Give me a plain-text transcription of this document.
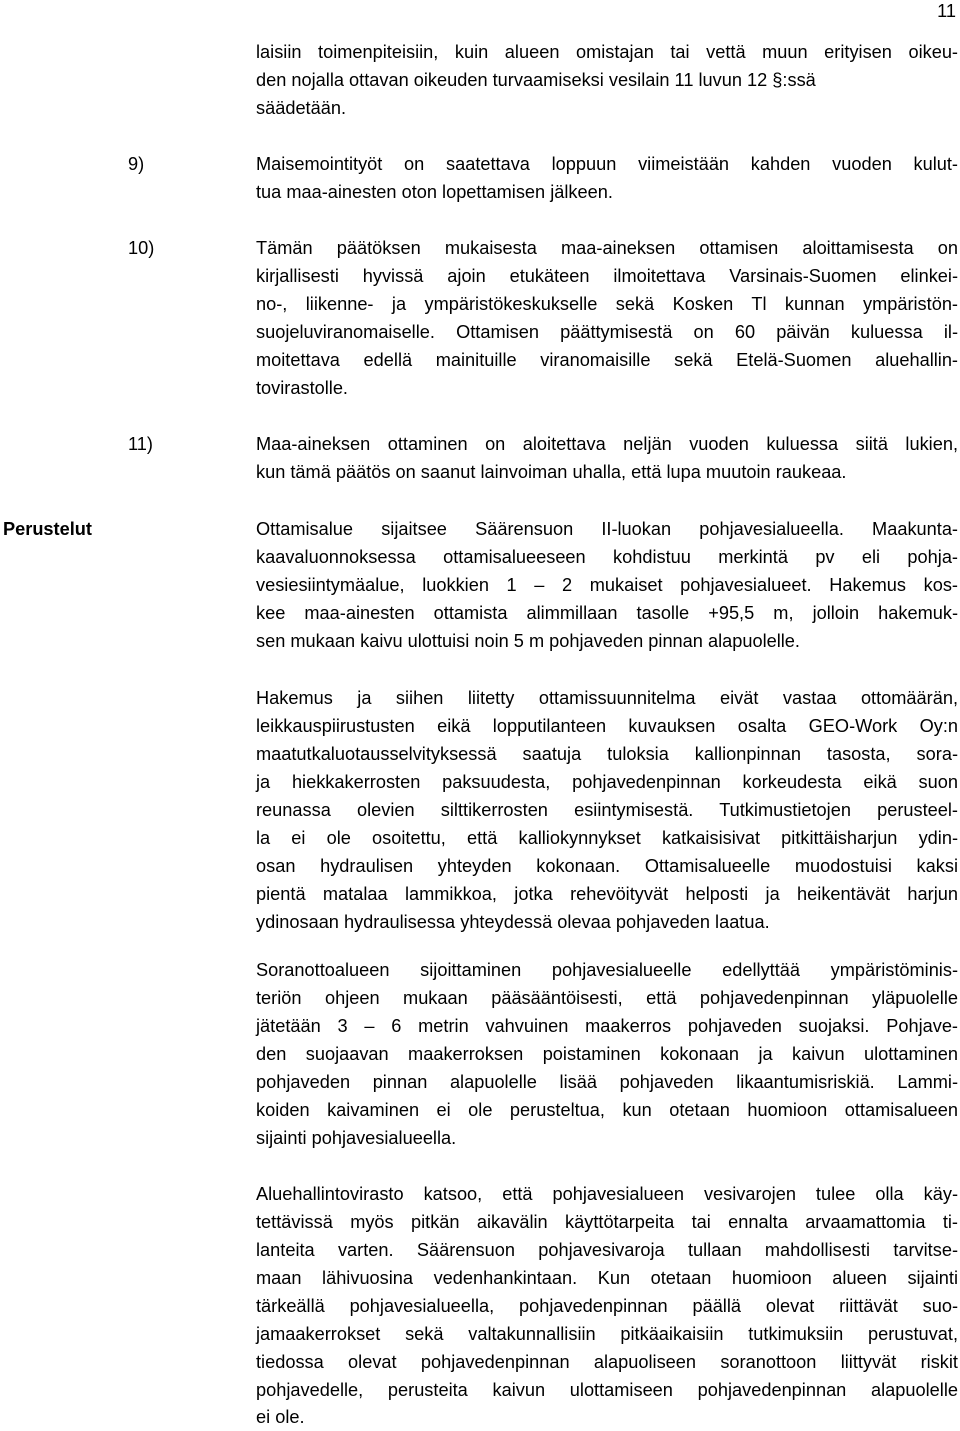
11
laisiin toimenpiteisiin, kuin alueen omistajan tai vettä muun erityisen oikeu-
den nojalla ottavan oikeuden turvaamiseksi vesilain 11 luvun 12 §:ssä
säädetään.
9)	Maisemointityöt on saatettava loppuun viimeistään kahden vuoden kulut-
tua maa-ainesten oton lopettamisen jälkeen.
10)	Tämän päätöksen mukaisesta maa-aineksen ottamisen aloittamisesta on
kirjallisesti hyvissä ajoin etukäteen ilmoitettava Varsinais-Suomen elinkei-
no-, liikenne- ja ympäristökeskukselle sekä Kosken Tl kunnan ympäristön-
suojeluviranomaiselle. Ottamisen päättymisestä on 60 päivän kuluessa il-
moitettava edellä mainituille viranomaisille sekä Etelä-Suomen aluehallin-
tovirastolle.
11)	Maa-aineksen ottaminen on aloitettava neljän vuoden kuluessa siitä lukien,
kun tämä päätös on saanut lainvoiman uhalla, että lupa muutoin raukeaa.
Perustelut	Ottamisalue sijaitsee Säärensuon II-luokan pohjavesialueella. Maakunta-
kaavaluonnoksessa ottamisalueeseen kohdistuu merkintä pv eli pohja-
vesiesiintymäalue, luokkien 1 – 2 mukaiset pohjavesialueet. Hakemus kos-
kee maa-ainesten ottamista alimmillaan tasolle +95,5 m, jolloin hakemuk-
sen mukaan kaivu ulottuisi noin 5 m pohjaveden pinnan alapuolelle.
Hakemus ja siihen liitetty ottamissuunnitelma eivät vastaa ottomäärän,
leikkauspiirustusten eikä lopputilanteen kuvauksen osalta GEO-Work Oy:n
maatutkaluotausselvityksessä saatuja tuloksia kallionpinnan tasosta, sora-
ja hiekkakerrosten paksuudesta, pohjavedenpinnan korkeudesta eikä suon
reunassa olevien silttikerrosten esiintymisestä. Tutkimustietojen perusteel-
la ei ole osoitettu, että kalliokynnykset katkaisisivat pitkittäisharjun ydin-
osan hydraulisen yhteyden kokonaan. Ottamisalueelle muodostuisi kaksi
pientä matalaa lammikkoa, jotka rehevöityvät helposti ja heikentävät harjun
ydinosaan hydraulisessa yhteydessä olevaa pohjaveden laatua.
Soranottoalueen sijoittaminen pohjavesialueelle edellyttää ympäristöminis-
teriön ohjeen mukaan pääsääntöisesti, että pohjavedenpinnan yläpuolelle
jätetään 3 – 6 metrin vahvuinen maakerros pohjaveden suojaksi. Pohjave-
den suojaavan maakerroksen poistaminen kokonaan ja kaivun ulottaminen
pohjaveden pinnan alapuolelle lisää pohjaveden likaantumisriskiä. Lammi-
koiden kaivaminen ei ole perusteltua, kun otetaan huomioon ottamisalueen
sijainti pohjavesialueella.
Aluehallintovirasto katsoo, että pohjavesialueen vesivarojen tulee olla käy-
tettävissä myös pitkän aikavälin käyttötarpeita tai ennalta arvaamattomia ti-
lanteita varten. Säärensuon pohjavesivaroja tullaan mahdollisesti tarvitse-
maan lähivuosina vedenhankintaan. Kun otetaan huomioon alueen sijainti
tärkeällä pohjavesialueella, pohjavedenpinnan päällä olevat riittävät suo-
jamaakerrokset sekä valtakunnallisiin pitkäaikaisiin tutkimuksiin perustuvat,
tiedossa olevat pohjavedenpinnan alapuoliseen soranottoon liittyvät riskit
pohjavedelle, perusteita kaivun ulottamiseen pohjavedenpinnan alapuolelle
ei ole.
